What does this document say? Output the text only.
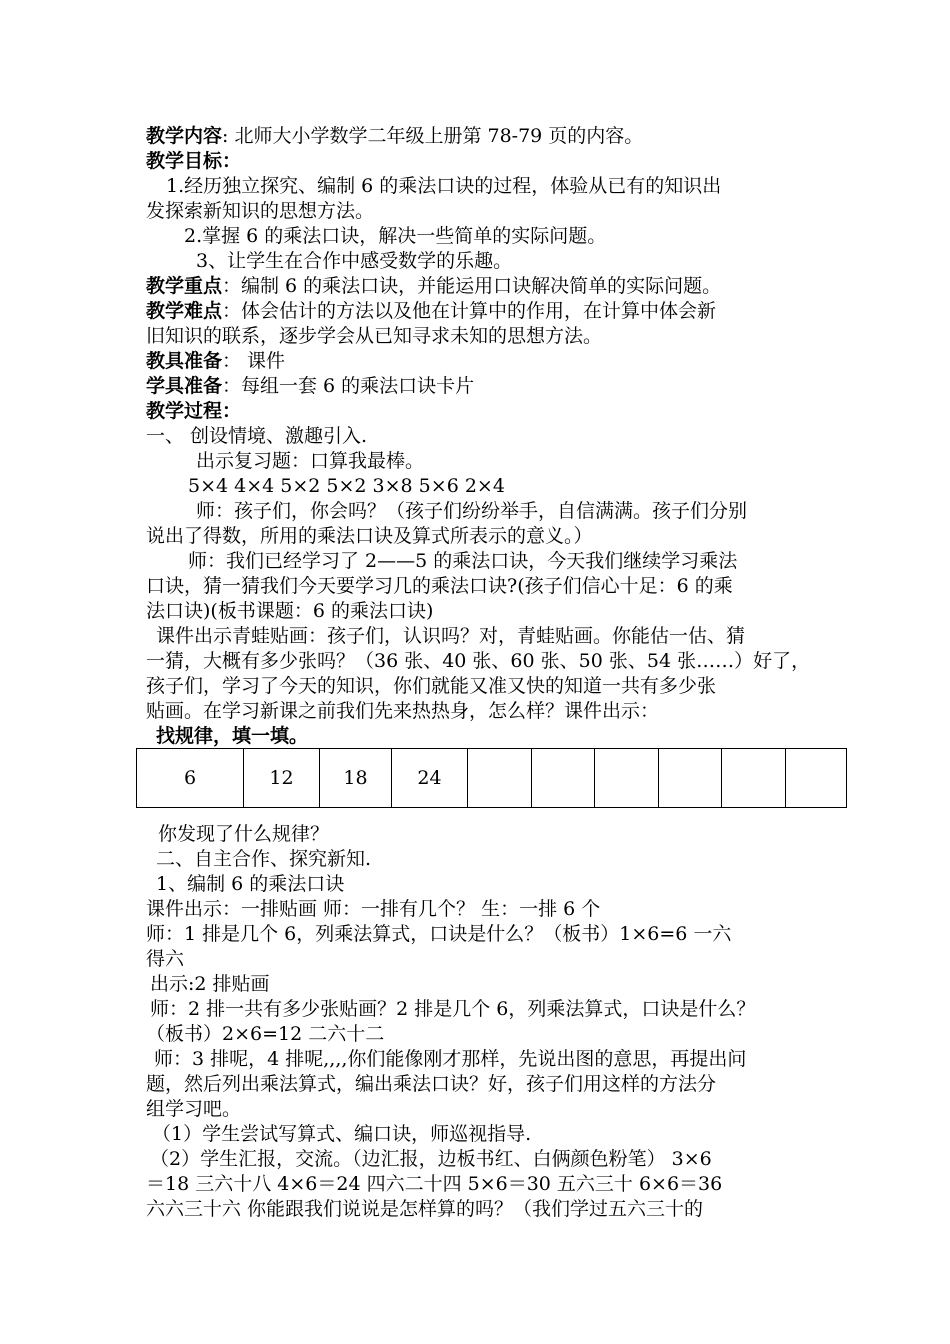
教学内容: 北师大小学数学二年级上册第 78-79 页的内容。
教学目标：
1.经历独立探究、编制 6 的乘法口诀的过程，体验从已有的知识出
发探索新知识的思想方法。
2.掌握 6 的乘法口诀，解决一些简单的实际问题。
3、让学生在合作中感受数学的乐趣。
教学重点：编制 6 的乘法口诀，并能运用口诀解决简单的实际问题。
教学难点：体会估计的方法以及他在计算中的作用，在计算中体会新
旧知识的联系，逐步学会从已知寻求未知的思想方法。
教具准备： 课件
学具准备：每组一套 6 的乘法口诀卡片
教学过程：
一、 创设情境、激趣引入.
出示复习题：口算我最棒。
5×4 4×4 5×2 5×2 3×8 5×6 2×4
师：孩子们，你会吗？（孩子们纷纷举手，自信满满。孩子们分别
说出了得数，所用的乘法口诀及算式所表示的意义。）
师：我们已经学习了 2——5 的乘法口诀，今天我们继续学习乘法
口诀，猜一猜我们今天要学习几的乘法口诀?(孩子们信心十足：6 的乘
法口诀)(板书课题：6 的乘法口诀)
课件出示青蛙贴画：孩子们，认识吗？对，青蛙贴画。你能估一估、猜
一猜，大概有多少张吗？（36 张、40 张、60 张、50 张、54 张……）好了，
孩子们，学习了今天的知识，你们就能又准又快的知道一共有多少张
贴画。在学习新课之前我们先来热热身，怎么样？课件出示：
找规律，填一填。
6	12	18	24						
你发现了什么规律？
二、自主合作、探究新知.
1、编制 6 的乘法口诀
课件出示：一排贴画 师：一排有几个？ 生：一排 6 个
师：1 排是几个 6，列乘法算式，口诀是什么？（板书）1×6=6 一六
得六
出示:2 排贴画
师：2 排一共有多少张贴画？2 排是几个 6，列乘法算式，口诀是什么？
（板书）2×6=12 二六十二
师：3 排呢，4 排呢,,,,你们能像刚才那样，先说出图的意思，再提出问
题，然后列出乘法算式，编出乘法口诀？好，孩子们用这样的方法分
组学习吧。
（1）学生尝试写算式、编口诀，师巡视指导.
（2）学生汇报，交流。（边汇报，边板书红、白俩颜色粉笔） 3×6
＝18 三六十八 4×6＝24 四六二十四 5×6＝30 五六三十 6×6＝36
六六三十六 你能跟我们说说是怎样算的吗？（我们学过五六三十的
